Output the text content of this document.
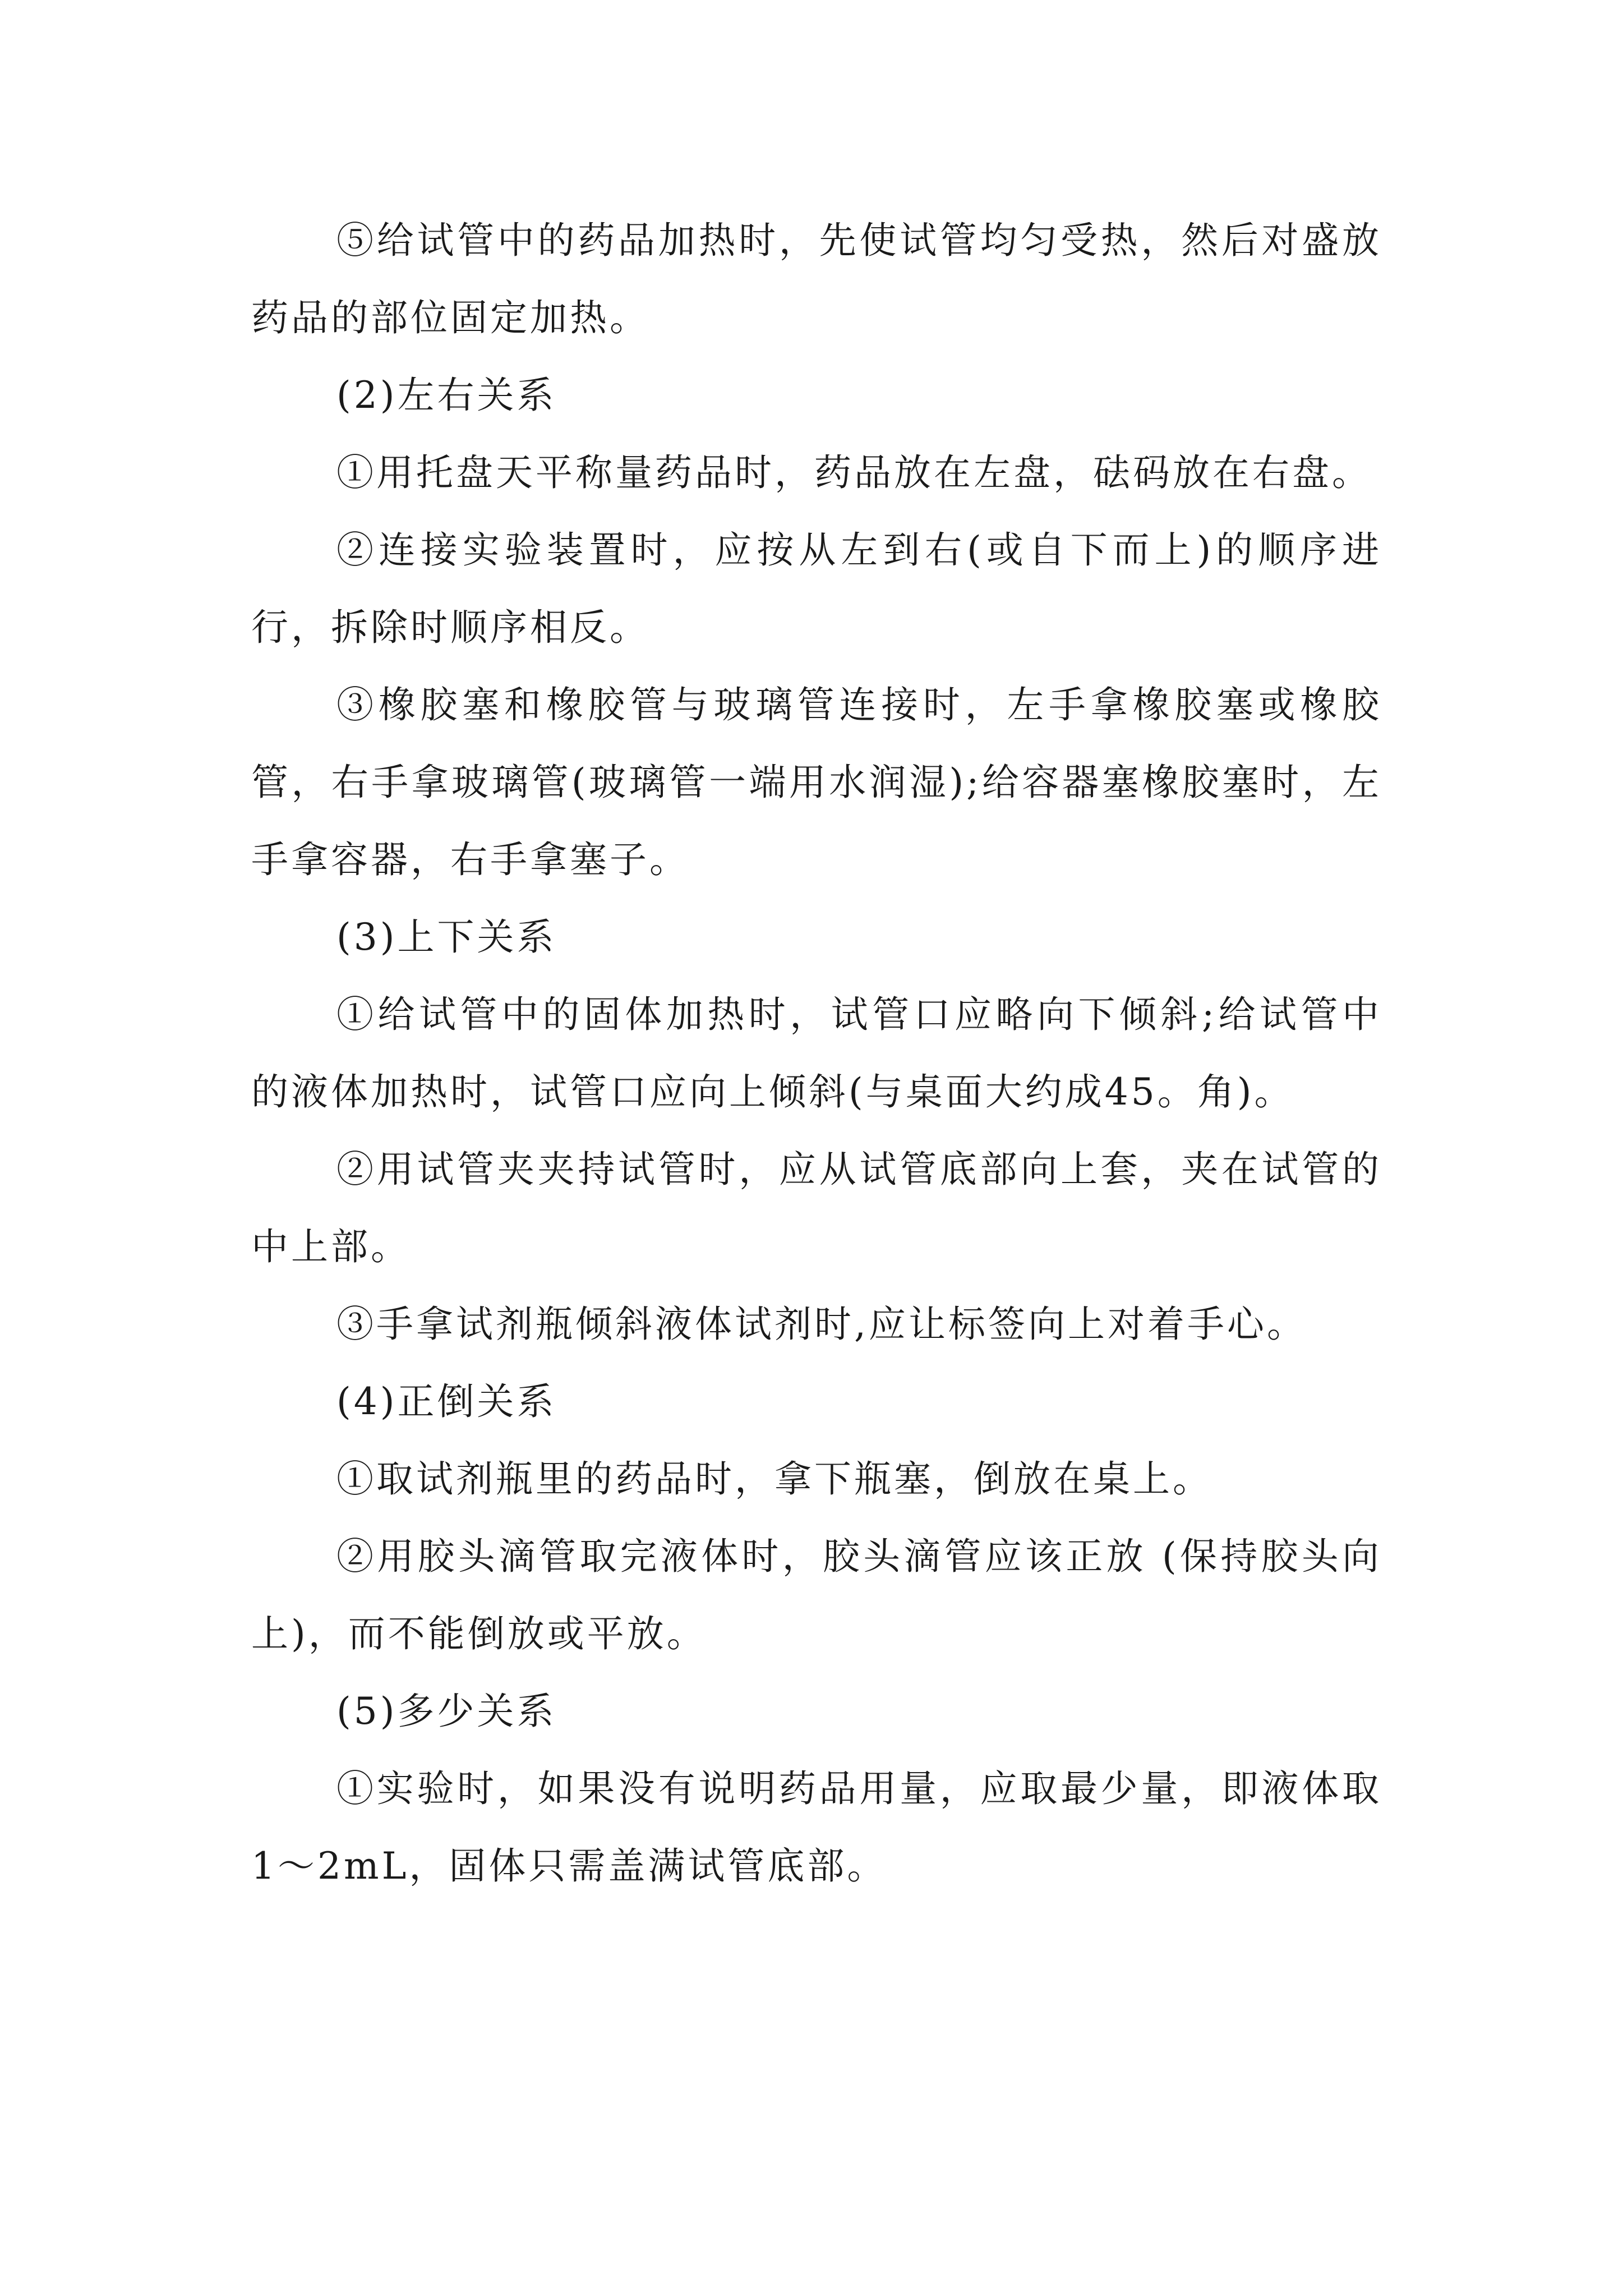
⑤给试管中的药品加热时，先使试管均匀受热，然后对盛放药品的部位固定加热。

(2)左右关系

①用托盘天平称量药品时，药品放在左盘，砝码放在右盘。

②连接实验装置时，应按从左到右(或自下而上)的顺序进行，拆除时顺序相反。

③橡胶塞和橡胶管与玻璃管连接时，左手拿橡胶塞或橡胶管，右手拿玻璃管(玻璃管一端用水润湿);给容器塞橡胶塞时，左手拿容器，右手拿塞子。

(3)上下关系

①给试管中的固体加热时，试管口应略向下倾斜;给试管中的液体加热时，试管口应向上倾斜(与桌面大约成45。角)。

②用试管夹夹持试管时，应从试管底部向上套，夹在试管的中上部。

③手拿试剂瓶倾斜液体试剂时,应让标签向上对着手心。

(4)正倒关系

①取试剂瓶里的药品时，拿下瓶塞，倒放在桌上。

②用胶头滴管取完液体时，胶头滴管应该正放 (保持胶头向上)，而不能倒放或平放。

(5)多少关系

①实验时，如果没有说明药品用量，应取最少量，即液体取 1～2mL，固体只需盖满试管底部。
